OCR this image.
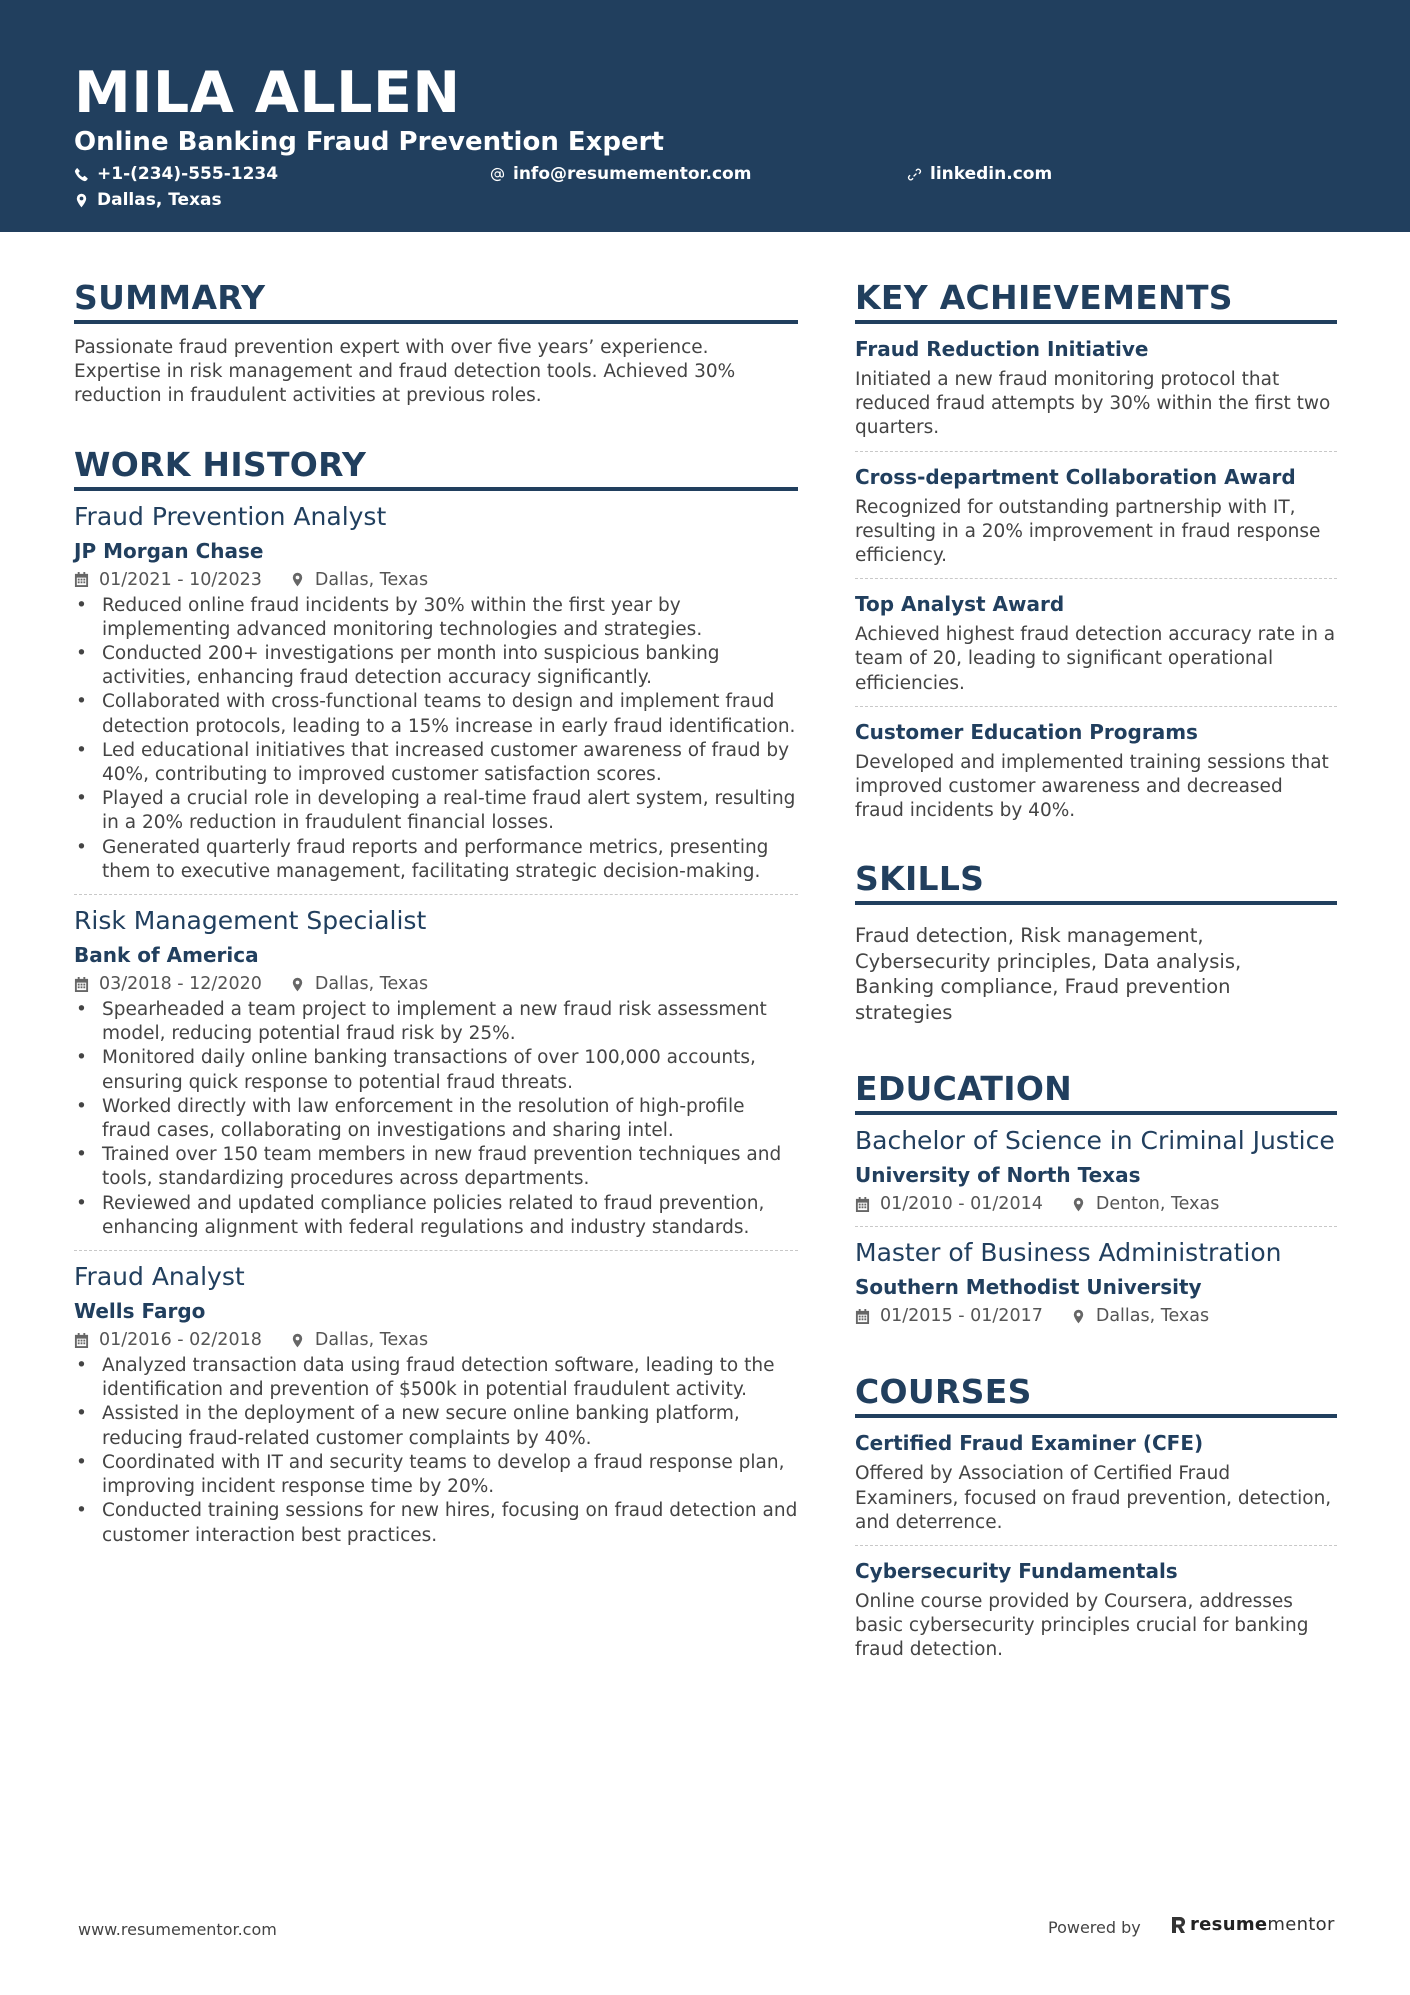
MILA ALLEN
Online Banking Fraud Prevention Expert
+1-(234)-555-1234	info@resumementor.com	linkedin.com
Dallas, Texas
SUMMARY
Passionate fraud prevention expert with over five years’ experience. Expertise in risk management and fraud detection tools. Achieved 30% reduction in fraudulent activities at previous roles.
WORK HISTORY
Fraud Prevention Analyst
JP Morgan Chase
01/2021 - 10/2023	Dallas, Texas
• Reduced online fraud incidents by 30% within the first year by implementing advanced monitoring technologies and strategies.
• Conducted 200+ investigations per month into suspicious banking activities, enhancing fraud detection accuracy significantly.
• Collaborated with cross-functional teams to design and implement fraud detection protocols, leading to a 15% increase in early fraud identification.
• Led educational initiatives that increased customer awareness of fraud by 40%, contributing to improved customer satisfaction scores.
• Played a crucial role in developing a real-time fraud alert system, resulting in a 20% reduction in fraudulent financial losses.
• Generated quarterly fraud reports and performance metrics, presenting them to executive management, facilitating strategic decision-making.
Risk Management Specialist
Bank of America
03/2018 - 12/2020	Dallas, Texas
• Spearheaded a team project to implement a new fraud risk assessment model, reducing potential fraud risk by 25%.
• Monitored daily online banking transactions of over 100,000 accounts, ensuring quick response to potential fraud threats.
• Worked directly with law enforcement in the resolution of high-profile fraud cases, collaborating on investigations and sharing intel.
• Trained over 150 team members in new fraud prevention techniques and tools, standardizing procedures across departments.
• Reviewed and updated compliance policies related to fraud prevention, enhancing alignment with federal regulations and industry standards.
Fraud Analyst
Wells Fargo
01/2016 - 02/2018	Dallas, Texas
• Analyzed transaction data using fraud detection software, leading to the identification and prevention of $500k in potential fraudulent activity.
• Assisted in the deployment of a new secure online banking platform, reducing fraud-related customer complaints by 40%.
• Coordinated with IT and security teams to develop a fraud response plan, improving incident response time by 20%.
• Conducted training sessions for new hires, focusing on fraud detection and customer interaction best practices.
KEY ACHIEVEMENTS
Fraud Reduction Initiative
Initiated a new fraud monitoring protocol that reduced fraud attempts by 30% within the first two quarters.
Cross-department Collaboration Award
Recognized for outstanding partnership with IT, resulting in a 20% improvement in fraud response efficiency.
Top Analyst Award
Achieved highest fraud detection accuracy rate in a team of 20, leading to significant operational efficiencies.
Customer Education Programs
Developed and implemented training sessions that improved customer awareness and decreased fraud incidents by 40%.
SKILLS
Fraud detection, Risk management, Cybersecurity principles, Data analysis, Banking compliance, Fraud prevention strategies
EDUCATION
Bachelor of Science in Criminal Justice
University of North Texas
01/2010 - 01/2014	Denton, Texas
Master of Business Administration
Southern Methodist University
01/2015 - 01/2017	Dallas, Texas
COURSES
Certified Fraud Examiner (CFE)
Offered by Association of Certified Fraud Examiners, focused on fraud prevention, detection, and deterrence.
Cybersecurity Fundamentals
Online course provided by Coursera, addresses basic cybersecurity principles crucial for banking fraud detection.
www.resumementor.com	Powered by	resumementor
